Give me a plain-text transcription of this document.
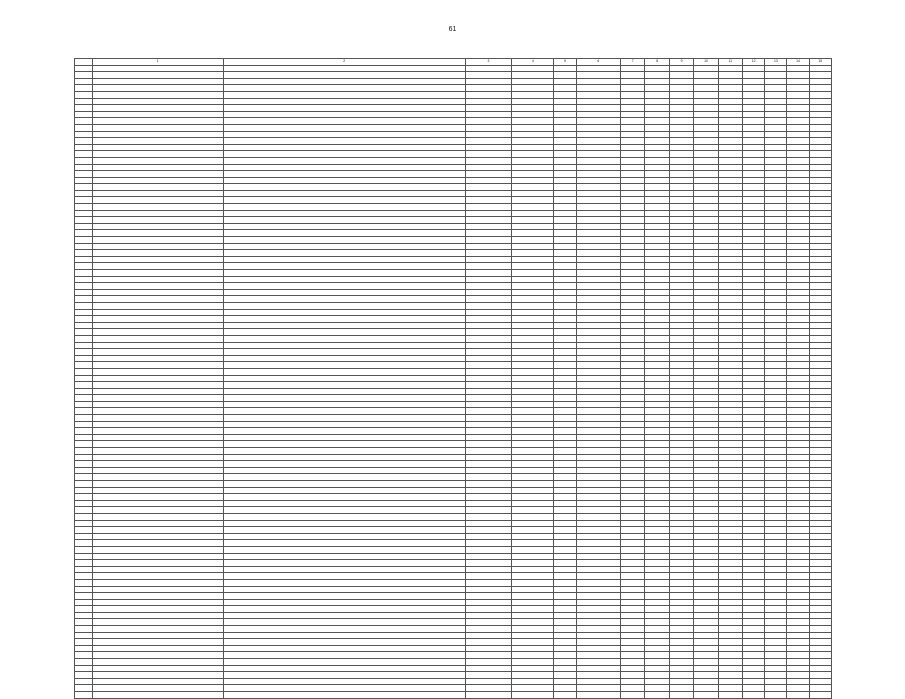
61
	1	2	3	4	5	6	7	8	9	10	11	12	13	14	15
